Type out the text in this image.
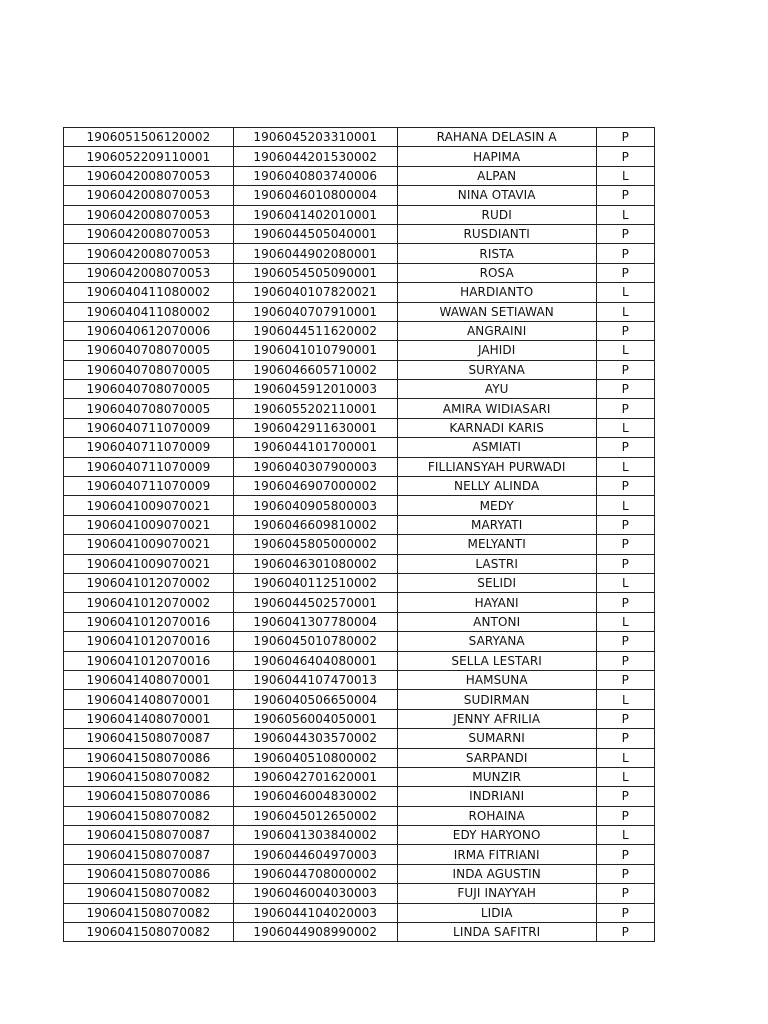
1906051506120002	1906045203310001	RAHANA DELASIN A	P
1906052209110001	1906044201530002	HAPIMA	P
1906042008070053	1906040803740006	ALPAN	L
1906042008070053	1906046010800004	NINA OTAVIA	P
1906042008070053	1906041402010001	RUDI	L
1906042008070053	1906044505040001	RUSDIANTI	P
1906042008070053	1906044902080001	RISTA	P
1906042008070053	1906054505090001	ROSA	P
1906040411080002	1906040107820021	HARDIANTO	L
1906040411080002	1906040707910001	WAWAN SETIAWAN	L
1906040612070006	1906044511620002	ANGRAINI	P
1906040708070005	1906041010790001	JAHIDI	L
1906040708070005	1906046605710002	SURYANA	P
1906040708070005	1906045912010003	AYU	P
1906040708070005	1906055202110001	AMIRA WIDIASARI	P
1906040711070009	1906042911630001	KARNADI KARIS	L
1906040711070009	1906044101700001	ASMIATI	P
1906040711070009	1906040307900003	FILLIANSYAH PURWADI	L
1906040711070009	1906046907000002	NELLY ALINDA	P
1906041009070021	1906040905800003	MEDY	L
1906041009070021	1906046609810002	MARYATI	P
1906041009070021	1906045805000002	MELYANTI	P
1906041009070021	1906046301080002	LASTRI	P
1906041012070002	1906040112510002	SELIDI	L
1906041012070002	1906044502570001	HAYANI	P
1906041012070016	1906041307780004	ANTONI	L
1906041012070016	1906045010780002	SARYANA	P
1906041012070016	1906046404080001	SELLA LESTARI	P
1906041408070001	1906044107470013	HAMSUNA	P
1906041408070001	1906040506650004	SUDIRMAN	L
1906041408070001	1906056004050001	JENNY AFRILIA	P
1906041508070087	1906044303570002	SUMARNI	P
1906041508070086	1906040510800002	SARPANDI	L
1906041508070082	1906042701620001	MUNZIR	L
1906041508070086	1906046004830002	INDRIANI	P
1906041508070082	1906045012650002	ROHAINA	P
1906041508070087	1906041303840002	EDY HARYONO	L
1906041508070087	1906044604970003	IRMA FITRIANI	P
1906041508070086	1906044708000002	INDA AGUSTIN	P
1906041508070082	1906046004030003	FUJI INAYYAH	P
1906041508070082	1906044104020003	LIDIA	P
1906041508070082	1906044908990002	LINDA SAFITRI	P
